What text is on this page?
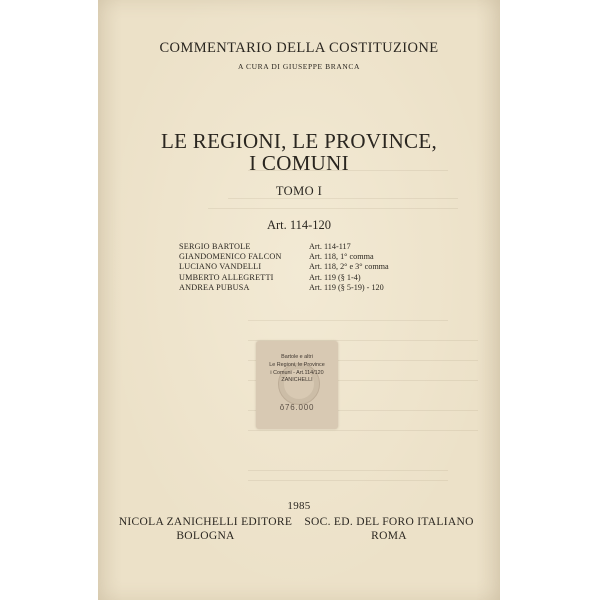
COMMENTARIO DELLA COSTITUZIONE
A CURA DI GIUSEPPE BRANCA
LE REGIONI, LE PROVINCE,
I COMUNI
TOMO I
Art. 114-120
SERGIO BARTOLE	Art. 114-117
GIANDOMENICO FALCON	Art. 118, 1° comma
LUCIANO VANDELLI	Art. 118, 2° e 3° comma
UMBERTO ALLEGRETTI	Art. 119 (§ 1-4)
ANDREA PUBUSA	Art. 119 (§ 5-19) - 120
Bartole e altri
Le Regioni, le Province
i Comuni - Art.114/120
ZANICHELLI
ô76.000
1985
NICOLA ZANICHELLI EDITORE
BOLOGNA
SOC. ED. DEL FORO ITALIANO
ROMA
